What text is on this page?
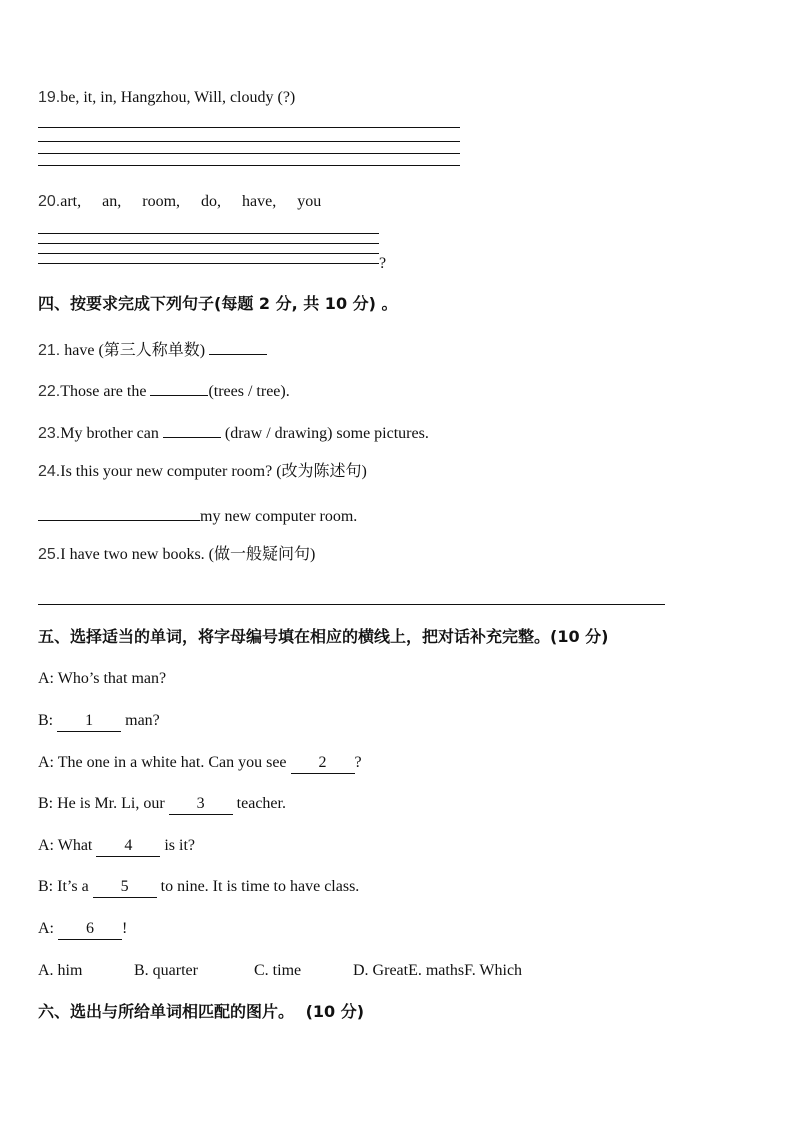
19.be, it, in, Hangzhou, Will, cloudy (?)
20.art, an, room, do, have, you
?
四、按要求完成下列句子(每题 2 分, 共 10 分) 。
21. have (第三人称单数)
22.Those are the	(trees / tree).
23.My brother can	(draw / drawing) some pictures.
24.Is this your new computer room? (改为陈述句)
my new computer room.
25.I have two new books. (做一般疑问句)
五、选择适当的单词，将字母编号填在相应的横线上，把对话补充完整。(10 分)
A: Who’s that man?
B: 1 man?
A: The one in a white hat. Can you see 2 ?
B: He is Mr. Li, our 3 teacher.
A: What 4 is it?
B: It’s a 5 to nine. It is time to have class.
A: 6 !
A. him	B. quarter	C. time	D. GreatE. mathsF. Which
六、选出与所给单词相匹配的图片。 (10 分)
